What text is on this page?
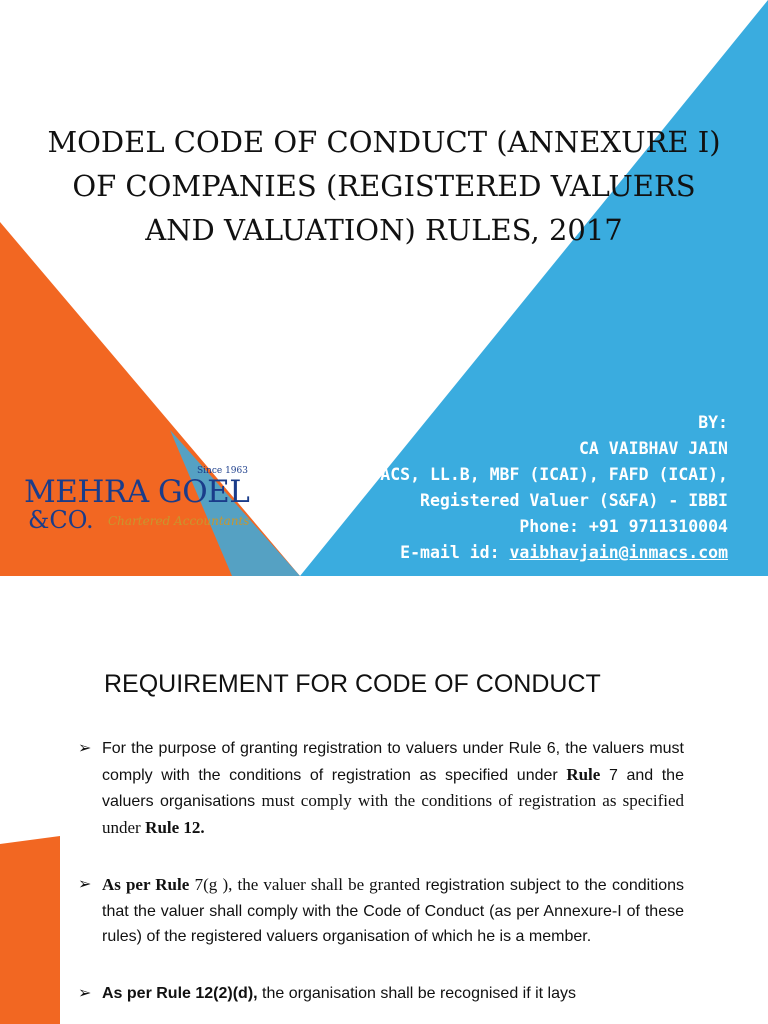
MODEL CODE OF CONDUCT (ANNEXURE I)
OF COMPANIES (REGISTERED VALUERS
AND VALUATION) RULES, 2017
Since 1963
MEHRA GOEL
&CO. Chartered Accountants
BY:
CA VAIBHAV JAIN
FCA, ACS, LL.B, MBF (ICAI), FAFD (ICAI),
Registered Valuer (S&FA) - IBBI
Phone: +91 9711310004
E-mail id: vaibhavjain@inmacs.com
REQUIREMENT FOR CODE OF CONDUCT
➢ For the purpose of granting registration to valuers under Rule 6, the valuers must comply with the conditions of registration as specified under Rule 7 and the valuers organisations must comply with the conditions of registration as specified under Rule 12.
➢ As per Rule 7(g ), the valuer shall be granted registration subject to the conditions that the valuer shall comply with the Code of Conduct (as per Annexure-I of these rules) of the registered valuers organisation of which he is a member.
➢ As per Rule 12(2)(d), the organisation shall be recognised if it lays
